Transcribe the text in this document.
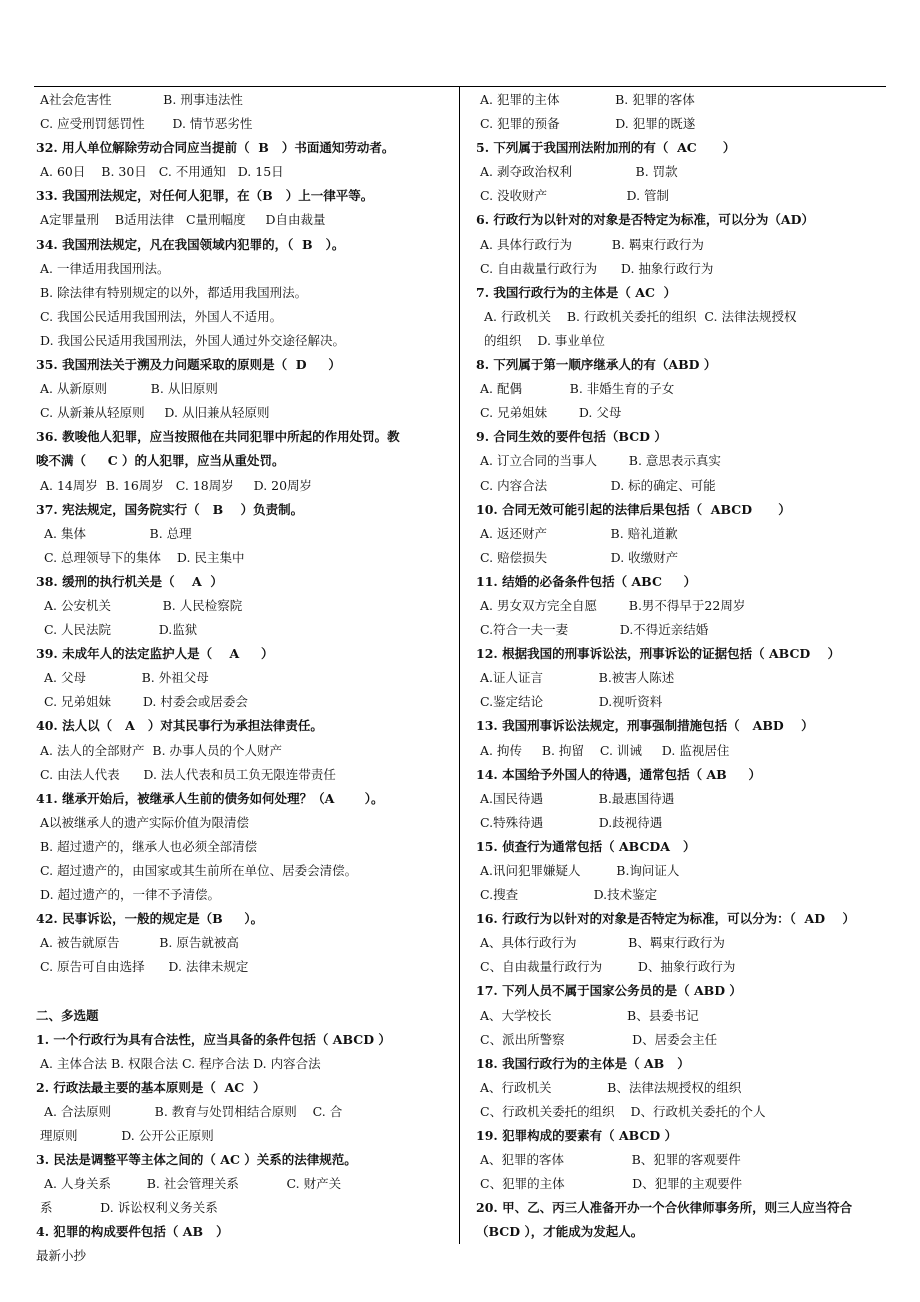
A社会危害性             B. 刑事违法性
C. 应受刑罚惩罚性       D. 情节恶劣性
32. 用人单位解除劳动合同应当提前（  B   ）书面通知劳动者。
A. 60日    B. 30日   C. 不用通知   D. 15日
33. 我国刑法规定，对任何人犯罪，在（B   ）上一律平等。
A定罪量刑    B适用法律   C量刑幅度     D自由裁量
34. 我国刑法规定，凡在我国领域内犯罪的，（  B   ）。
A. 一律适用我国刑法。
B. 除法律有特别规定的以外，都适用我国刑法。
C. 我国公民适用我国刑法，外国人不适用。
D. 我国公民适用我国刑法，外国人通过外交途径解决。
35. 我国刑法关于溯及力问题采取的原则是（  D     ）
A. 从新原则           B. 从旧原则
C. 从新兼从轻原则     D. 从旧兼从轻原则
36. 教唆他人犯罪，应当按照他在共同犯罪中所起的作用处罚。教
唆不满（     C ）的人犯罪，应当从重处罚。
A. 14周岁  B. 16周岁   C. 18周岁     D. 20周岁
37. 宪法规定，国务院实行（   B    ）负责制。
A. 集体                B. 总理
C. 总理领导下的集体    D. 民主集中
38. 缓刑的执行机关是（    A  ）
A. 公安机关             B. 人民检察院
C. 人民法院            D.监狱
39. 未成年人的法定监护人是（    A     ）
A. 父母              B. 外祖父母
C. 兄弟姐妹        D. 村委会或居委会
40. 法人以（   A   ）对其民事行为承担法律责任。
A. 法人的全部财产  B. 办事人员的个人财产
C. 由法人代表      D. 法人代表和员工负无限连带责任
41. 继承开始后，被继承人生前的债务如何处理？（A       ）。
A以被继承人的遗产实际价值为限清偿
B. 超过遗产的，继承人也必须全部清偿
C. 超过遗产的，由国家或其生前所在单位、居委会清偿。
D. 超过遗产的，一律不予清偿。
42. 民事诉讼，一般的规定是（B     ）。
A. 被告就原告          B. 原告就被高
C. 原告可自由选择      D. 法律未规定
二、多选题
1. 一个行政行为具有合法性，应当具备的条件包括（ ABCD ）
A. 主体合法 B. 权限合法 C. 程序合法 D. 内容合法
2. 行政法最主要的基本原则是（  AC  ）
A. 合法原则           B. 教育与处罚相结合原则    C. 合
理原则           D. 公开公正原则
3. 民法是调整平等主体之间的（ AC ）关系的法律规范。
A. 人身关系         B. 社会管理关系            C. 财产关
系            D. 诉讼权利义务关系
4. 犯罪的构成要件包括（ AB   ）
A. 犯罪的主体              B. 犯罪的客体
C. 犯罪的预备              D. 犯罪的既遂
5. 下列属于我国刑法附加刑的有（  AC      ）
A. 剥夺政治权利                B. 罚款
C. 没收财产                    D. 管制
6. 行政行为以针对的对象是否特定为标准，可以分为（AD）
A. 具体行政行为          B. 羁束行政行为
C. 自由裁量行政行为      D. 抽象行政行为
7. 我国行政行为的主体是（ AC  ）
A. 行政机关    B. 行政机关委托的组织  C. 法律法规授权
的组织    D. 事业单位
8. 下列属于第一顺序继承人的有（ABD ）
A. 配偶            B. 非婚生育的子女
C. 兄弟姐妹        D. 父母
9. 合同生效的要件包括（BCD ）
A. 订立合同的当事人        B. 意思表示真实
C. 内容合法                D. 标的确定、可能
10. 合同无效可能引起的法律后果包括（  ABCD      ）
A. 返还财产                B. 赔礼道歉
C. 赔偿损失                D. 收缴财产
11. 结婚的必备条件包括（ ABC     ）
A. 男女双方完全自愿        B.男不得早于22周岁
C.符合一夫一妻             D.不得近亲结婚
12. 根据我国的刑事诉讼法，刑事诉讼的证据包括（ ABCD    ）
A.证人证言              B.被害人陈述
C.鉴定结论              D.视听资料
13. 我国刑事诉讼法规定，刑事强制措施包括（   ABD    ）
A. 拘传     B. 拘留    C. 训诫     D. 监视居住
14. 本国给予外国人的待遇，通常包括（ AB     ）
A.国民待遇              B.最惠国待遇
C.特殊待遇              D.歧视待遇
15. 侦查行为通常包括（ ABCDA   ）
A.讯问犯罪嫌疑人         B.询问证人
C.搜查                   D.技术鉴定
16. 行政行为以针对的对象是否特定为标准，可以分为：（  AD    ）
A、具体行政行为             B、羁束行政行为
C、自由裁量行政行为         D、抽象行政行为
17. 下列人员不属于国家公务员的是（ ABD ）
A、大学校长                   B、县委书记
C、派出所警察                 D、居委会主任
18. 我国行政行为的主体是（ AB   ）
A、行政机关              B、法律法规授权的组织
C、行政机关委托的组织    D、行政机关委托的个人
19. 犯罪构成的要素有（ ABCD ）
A、犯罪的客体                 B、犯罪的客观要件
C、犯罪的主体                 D、犯罪的主观要件
20. 甲、乙、丙三人准备开办一个合伙律师事务所，则三人应当符合
（BCD ），才能成为发起人。
最新小抄
